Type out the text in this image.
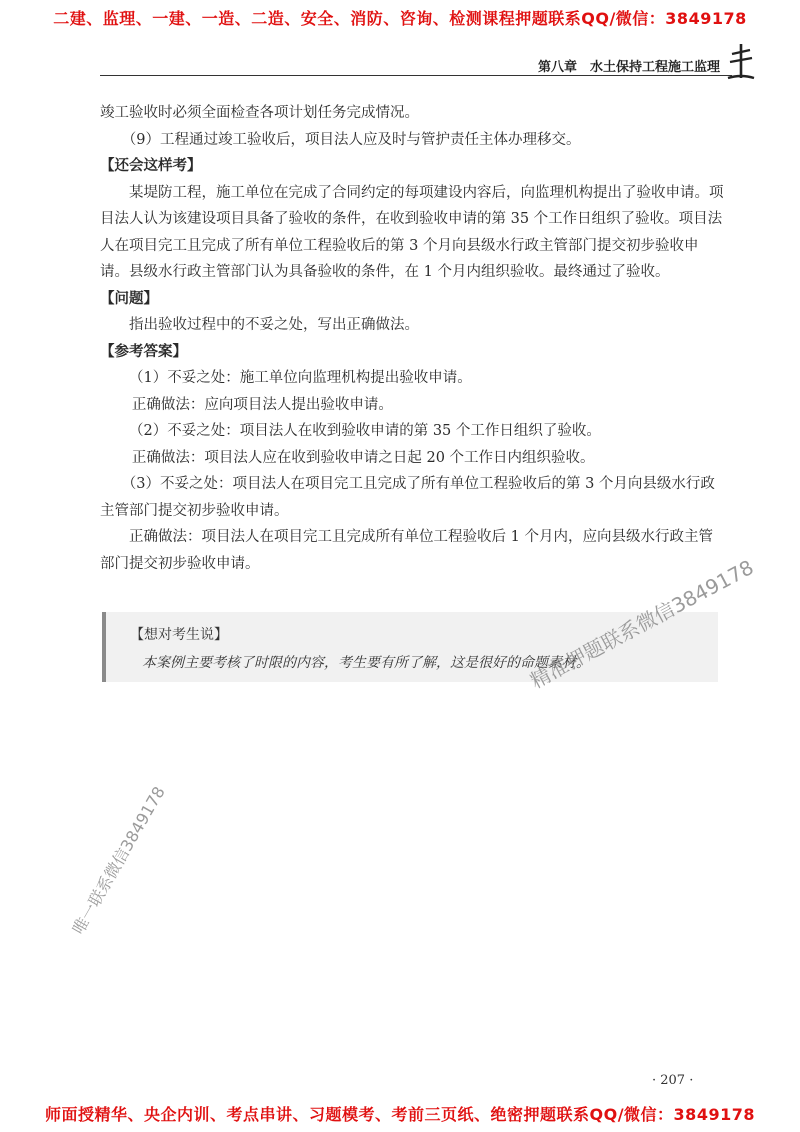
二建、监理、一建、一造、二造、安全、消防、咨询、检测课程押题联系QQ/微信：3849178
第八章　水土保持工程施工监理

竣工验收时必须全面检查各项计划任务完成情况。

（9）工程通过竣工验收后，项目法人应及时与管护责任主体办理移交。

【还会这样考】

某堤防工程，施工单位在完成了合同约定的每项建设内容后，向监理机构提出了验收申请。项目法人认为该建设项目具备了验收的条件，在收到验收申请的第 35 个工作日组织了验收。项目法人在项目完工且完成了所有单位工程验收后的第 3 个月向县级水行政主管部门提交初步验收申请。县级水行政主管部门认为具备验收的条件，在 1 个月内组织验收。最终通过了验收。

【问题】

指出验收过程中的不妥之处，写出正确做法。

【参考答案】

（1）不妥之处：施工单位向监理机构提出验收申请。

正确做法：应向项目法人提出验收申请。

（2）不妥之处：项目法人在收到验收申请的第 35 个工作日组织了验收。

正确做法：项目法人应在收到验收申请之日起 20 个工作日内组织验收。

（3）不妥之处：项目法人在项目完工且完成了所有单位工程验收后的第 3 个月向县级水行政主管部门提交初步验收申请。

正确做法：项目法人在项目完工且完成所有单位工程验收后 1 个月内，应向县级水行政主管部门提交初步验收申请。

【想对考生说】
本案例主要考核了时限的内容，考生要有所了解，这是很好的命题素材。
精准押题联系微信3849178
唯一联系微信3849178
· 207 ·
师面授精华、央企内训、考点串讲、习题模考、考前三页纸、绝密押题联系QQ/微信：3849178
